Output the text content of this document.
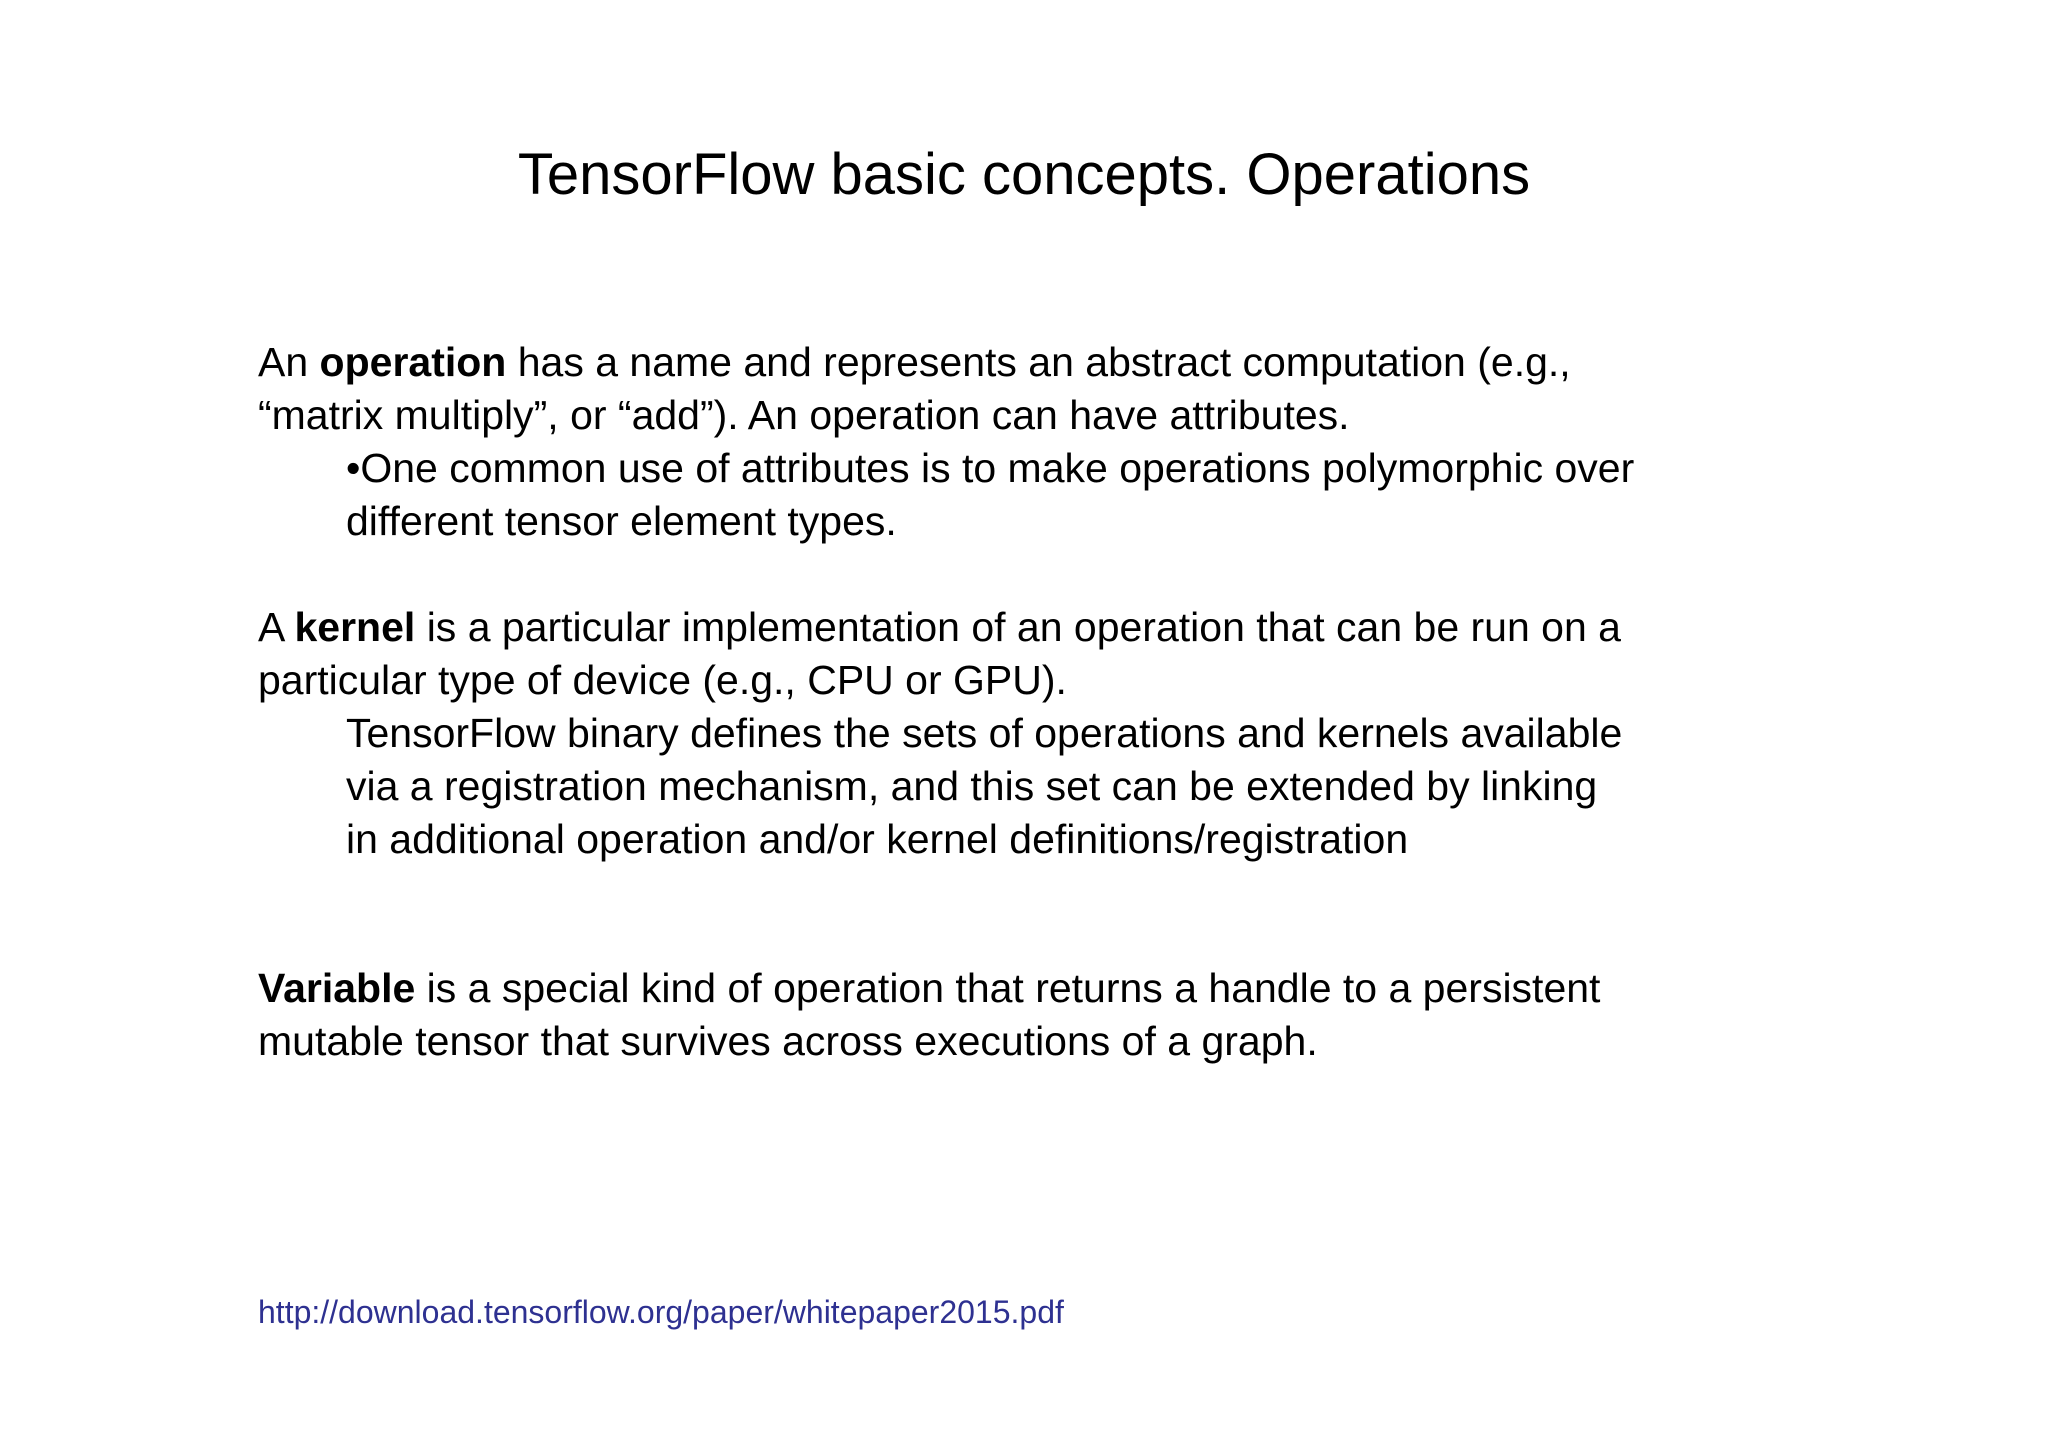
TensorFlow basic concepts. Operations

An operation has a name and represents an abstract computation (e.g.,

“matrix multiply”, or “add”). An operation can have attributes.

•One common use of attributes is to make operations polymorphic over

different tensor element types.

A kernel is a particular implementation of an operation that can be run on a

particular type of device (e.g., CPU or GPU).

TensorFlow binary defines the sets of operations and kernels available

via a registration mechanism, and this set can be extended by linking

in additional operation and/or kernel definitions/registration

Variable is a special kind of operation that returns a handle to a persistent

mutable tensor that survives across executions of a graph.

http://download.tensorflow.org/paper/whitepaper2015.pdf
